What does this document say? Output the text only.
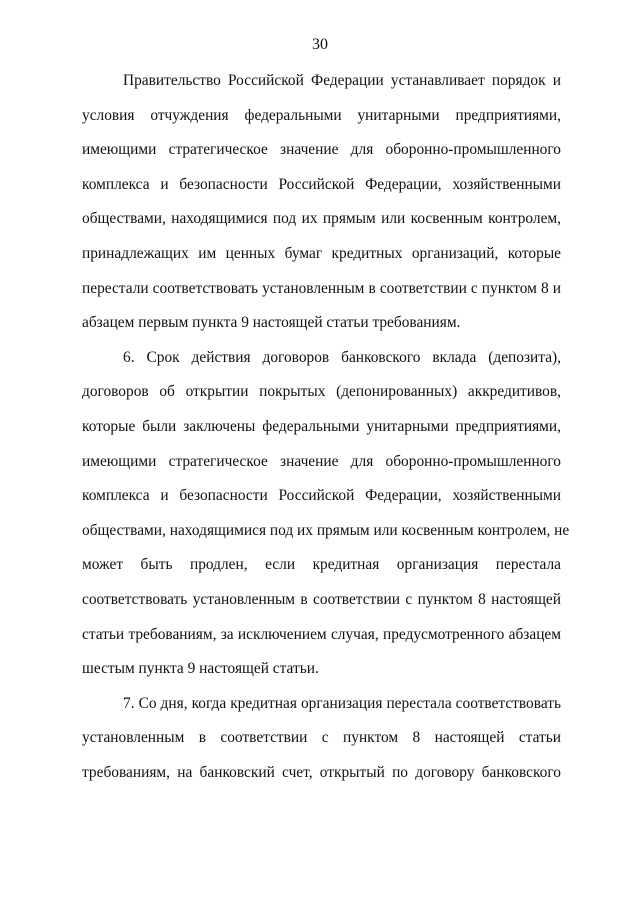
30

Правительство Российской Федерации устанавливает порядок и
условия отчуждения федеральными унитарными предприятиями,
имеющими стратегическое значение для оборонно-промышленного
комплекса и безопасности Российской Федерации, хозяйственными
обществами, находящимися под их прямым или косвенным контролем,
принадлежащих им ценных бумаг кредитных организаций, которые
перестали соответствовать установленным в соответствии с пунктом 8 и
абзацем первым пункта 9 настоящей статьи требованиям.

6. Срок действия договоров банковского вклада (депозита),
договоров об открытии покрытых (депонированных) аккредитивов,
которые были заключены федеральными унитарными предприятиями,
имеющими стратегическое значение для оборонно-промышленного
комплекса и безопасности Российской Федерации, хозяйственными
обществами, находящимися под их прямым или косвенным контролем, не
может быть продлен, если кредитная организация перестала
соответствовать установленным в соответствии с пунктом 8 настоящей
статьи требованиям, за исключением случая, предусмотренного абзацем
шестым пункта 9 настоящей статьи.

7. Со дня, когда кредитная организация перестала соответствовать
установленным в соответствии с пунктом 8 настоящей статьи
требованиям, на банковский счет, открытый по договору банковского
